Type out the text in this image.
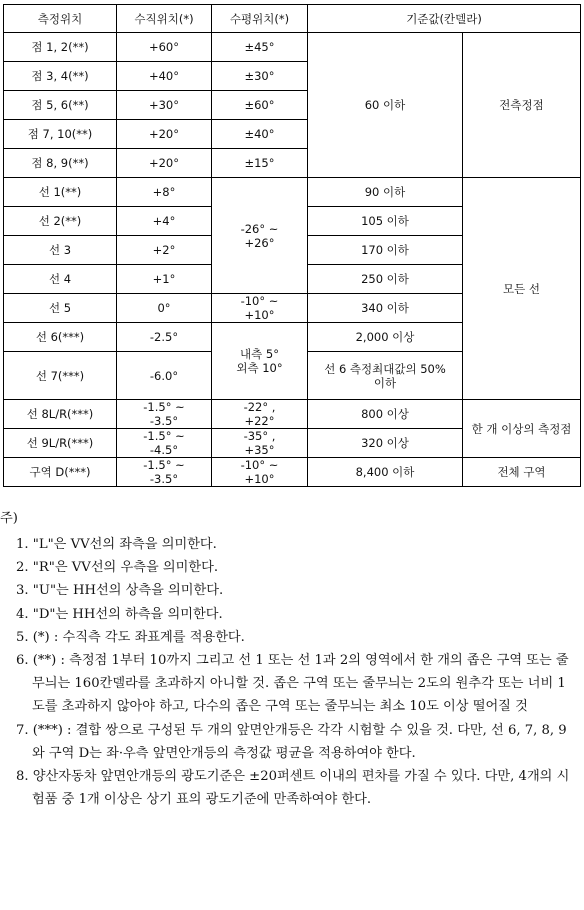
측정위치	수직위치(*)	수평위치(*)	기준값(칸델라)	
점 1, 2(**)	+60°	±45°	60 이하	전측정점
점 3, 4(**)	+40°	±30°		
점 5, 6(**)	+30°	±60°		
점 7, 10(**)	+20°	±40°		
점 8, 9(**)	+20°	±15°		
선 1(**)	+8°	-26° ~ +26°	90 이하	모든 선
선 2(**)	+4°		105 이하	
선 3	+2°		170 이하	
선 4	+1°		250 이하	
선 5	0°	-10° ~ +10°	340 이하	
선 6(***)	-2.5°	내측 5° 외측 10°	2,000 이상	
선 7(***)	-6.0°		선 6 측정최대값의 50% 이하	
선 8L/R(***)	-1.5° ~ -3.5°	-22° , +22°	800 이상	한 개 이상의 측정점
선 9L/R(***)	-1.5° ~ -4.5°	-35° , +35°	320 이상	
구역 D(***)	-1.5° ~ -3.5°	-10° ~ +10°	8,400 이하	전체 구역
주)
1. "L"은 VV선의 좌측을 의미한다.
2. "R"은 VV선의 우측을 의미한다.
3. "U"는 HH선의 상측을 의미한다.
4. "D"는 HH선의 하측을 의미한다.
5. (*) : 수직측 각도 좌표계를 적용한다.
6. (**) : 측정점 1부터 10까지 그리고 선 1 또는 선 1과 2의 영역에서 한 개의 좁은 구역 또는 줄무늬는 160칸델라를 초과하지 아니할 것. 좁은 구역 또는 줄무늬는 2도의 원추각 또는 너비 1도를 초과하지 않아야 하고, 다수의 좁은 구역 또는 줄무늬는 최소 10도 이상 떨어질 것
7. (***) : 결합 쌍으로 구성된 두 개의 앞면안개등은 각각 시험할 수 있을 것. 다만, 선 6, 7, 8, 9와 구역 D는 좌·우측 앞면안개등의 측정값 평균을 적용하여야 한다.
8. 양산자동차 앞면안개등의 광도기준은 ±20퍼센트 이내의 편차를 가질 수 있다. 다만, 4개의 시험품 중 1개 이상은 상기 표의 광도기준에 만족하여야 한다.
